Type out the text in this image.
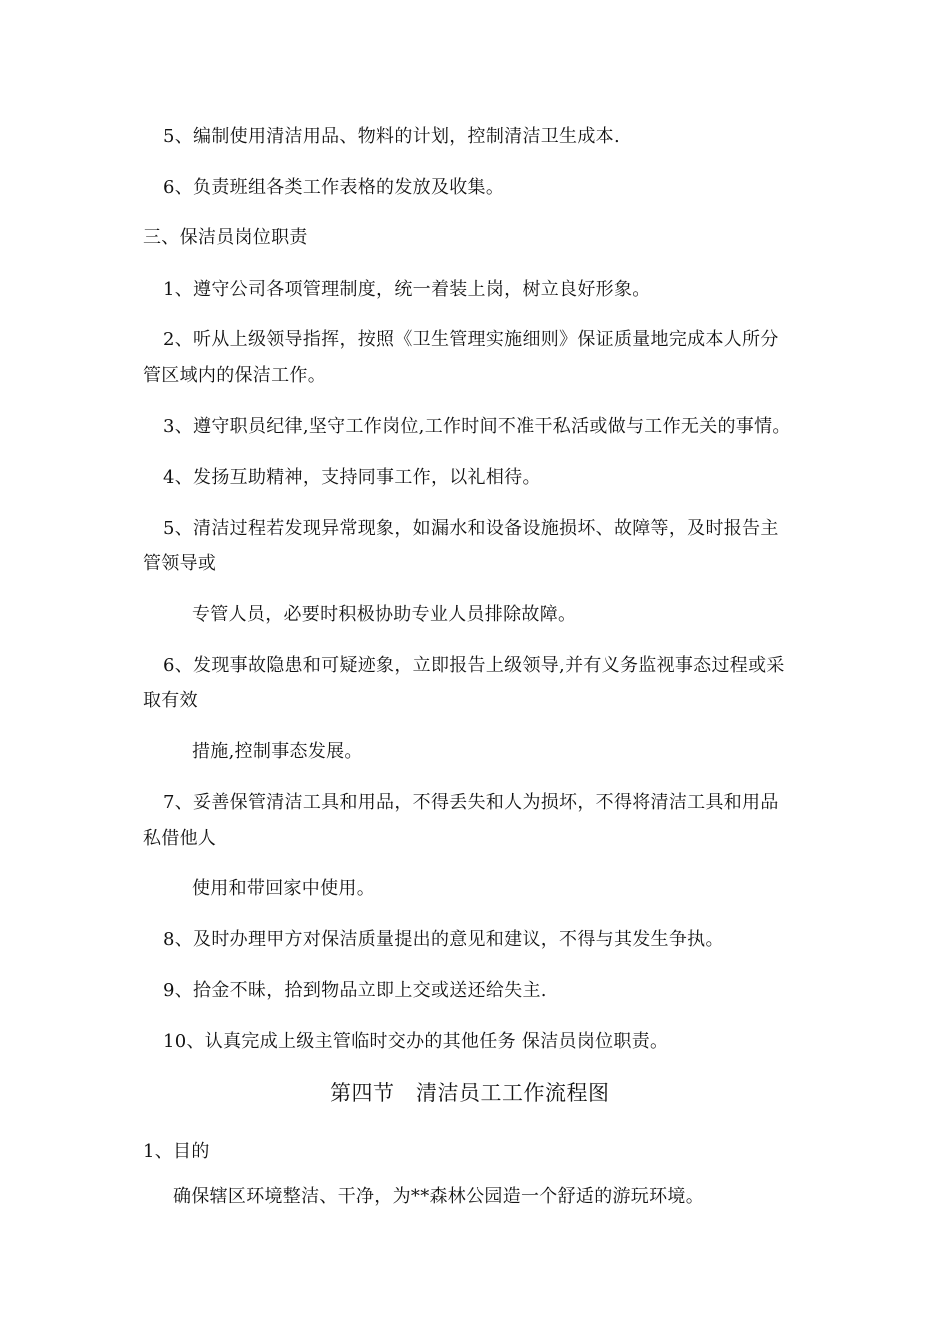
5、编制使用清洁用品、物料的计划，控制清洁卫生成本.
6、负责班组各类工作表格的发放及收集。
三、保洁员岗位职责
1、遵守公司各项管理制度，统一着装上岗，树立良好形象。
2、听从上级领导指挥，按照《卫生管理实施细则》保证质量地完成本人所分
管区域内的保洁工作。
3、遵守职员纪律,坚守工作岗位,工作时间不准干私活或做与工作无关的事情。
4、发扬互助精神，支持同事工作，以礼相待。
5、清洁过程若发现异常现象，如漏水和设备设施损坏、故障等，及时报告主
管领导或
专管人员，必要时积极协助专业人员排除故障。
6、发现事故隐患和可疑迹象，立即报告上级领导,并有义务监视事态过程或采
取有效
措施,控制事态发展。
7、妥善保管清洁工具和用品，不得丢失和人为损坏，不得将清洁工具和用品
私借他人
使用和带回家中使用。
8、及时办理甲方对保洁质量提出的意见和建议，不得与其发生争执。
9、拾金不昧，拾到物品立即上交或送还给失主.
10、认真完成上级主管临时交办的其他任务 保洁员岗位职责。
第四节　清洁员工工作流程图
1、目的
确保辖区环境整洁、干净，为**森林公园造一个舒适的游玩环境。
